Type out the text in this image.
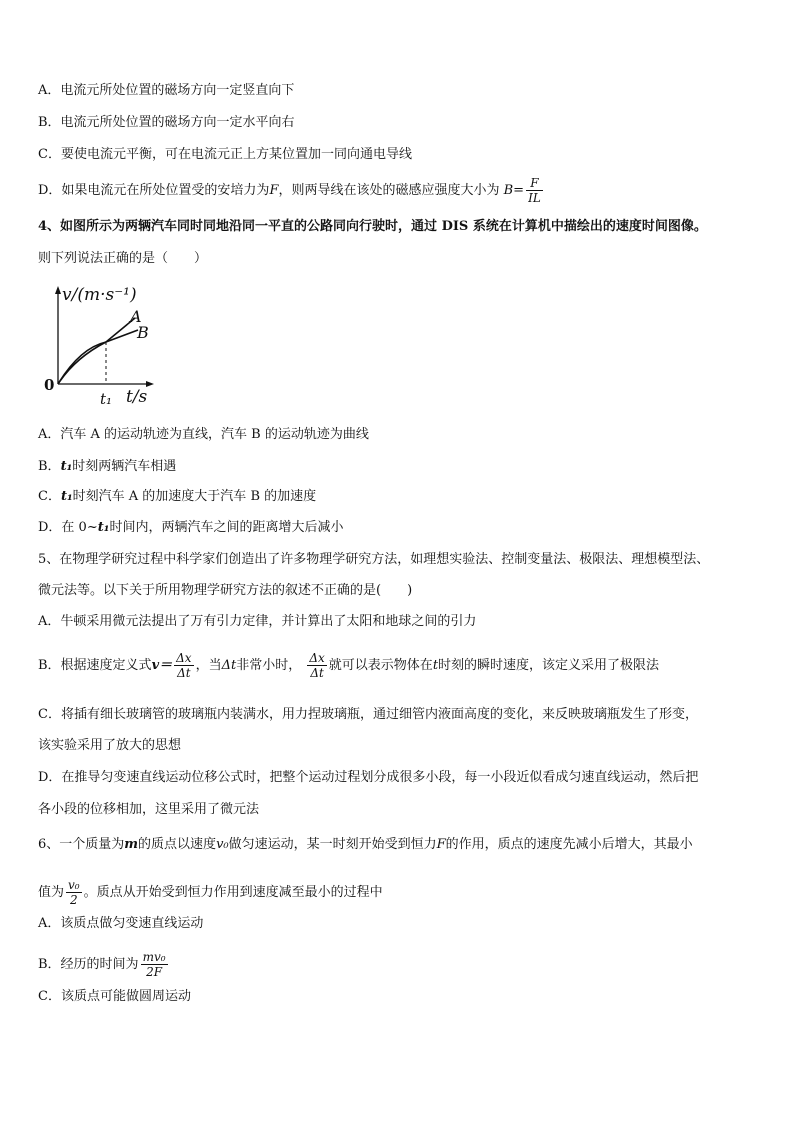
A．电流元所处位置的磁场方向一定竖直向下
B．电流元所处位置的磁场方向一定水平向右
C．要使电流元平衡，可在电流元正上方某位置加一同向通电导线
D．如果电流元在所处位置受的安培力为F，则两导线在该处的磁感应强度大小为 $B= \frac{F}{IL}$
4、如图所示为两辆汽车同时同地沿同一平直的公路同向行驶时，通过 DIS 系统在计算机中描绘出的速度时间图像。
则下列说法正确的是（　　）
v/(m·s⁻¹)
0
A
B
t₁ t/s
A．汽车 A 的运动轨迹为直线，汽车 B 的运动轨迹为曲线
B．t₁时刻两辆汽车相遇
C．t₁时刻汽车 A 的加速度大于汽车 B 的加速度
D．在 0~t₁时间内，两辆汽车之间的距离增大后减小
5、在物理学研究过程中科学家们创造出了许多物理学研究方法，如理想实验法、控制变量法、极限法、理想模型法、
微元法等。以下关于所用物理学研究方法的叙述不正确的是(　　)
A．牛顿采用微元法提出了万有引力定律，并计算出了太阳和地球之间的引力
B．根据速度定义式$v= \frac{\Delta x}{\Delta t}$ ，当Δt非常小时， $\frac{\Delta x}{\Delta t}$ 就可以表示物体在t时刻的瞬时速度，该定义采用了极限法
C．将插有细长玻璃管的玻璃瓶内装满水，用力捏玻璃瓶，通过细管内液面高度的变化，来反映玻璃瓶发生了形变，
该实验采用了放大的思想
D．在推导匀变速直线运动位移公式时，把整个运动过程划分成很多小段，每一小段近似看成匀速直线运动，然后把
各小段的位移相加，这里采用了微元法
6、一个质量为m的质点以速度v₀做匀速运动，某一时刻开始受到恒力F的作用，质点的速度先减小后增大，其最小
值为 $\frac{\text{v₀}}{2}$ 。质点从开始受到恒力作用到速度减至最小的过程中
A．该质点做匀变速直线运动
B．经历的时间为 $\frac{\text{mv₀}}{2F}$
C．该质点可能做圆周运动
